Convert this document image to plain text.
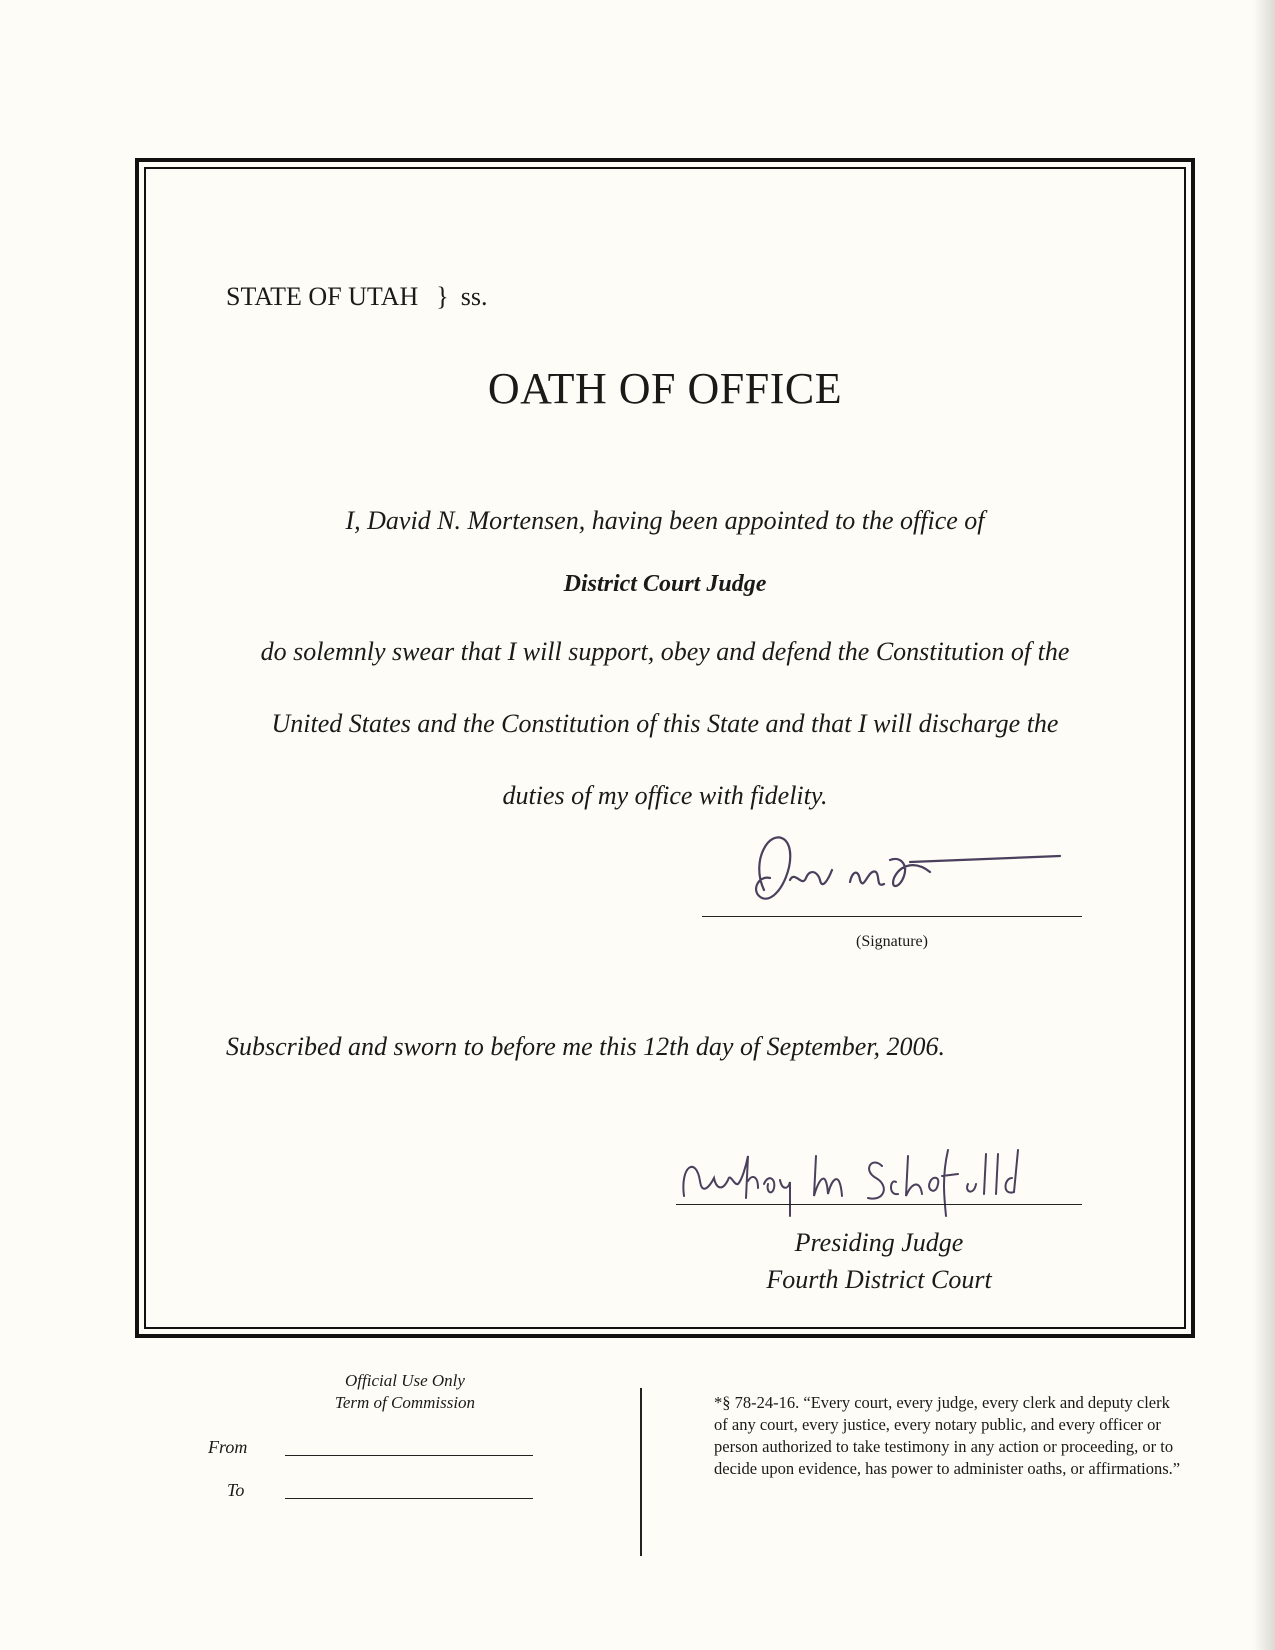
STATE OF UTAH } ss.
OATH OF OFFICE
I, David N. Mortensen, having been appointed to the office of
District Court Judge
do solemnly swear that I will support, obey and defend the Constitution of the
United States and the Constitution of this State and that I will discharge the
duties of my office with fidelity.
(Signature)
Subscribed and sworn to before me this 12th day of September, 2006.
Presiding Judge
Fourth District Court
Official Use Only
Term of Commission
From
To
*§ 78-24-16. “Every court, every judge, every clerk and deputy clerk of any court, every justice, every notary public, and every officer or person authorized to take testimony in any action or proceeding, or to decide upon evidence, has power to administer oaths, or affirmations.”
